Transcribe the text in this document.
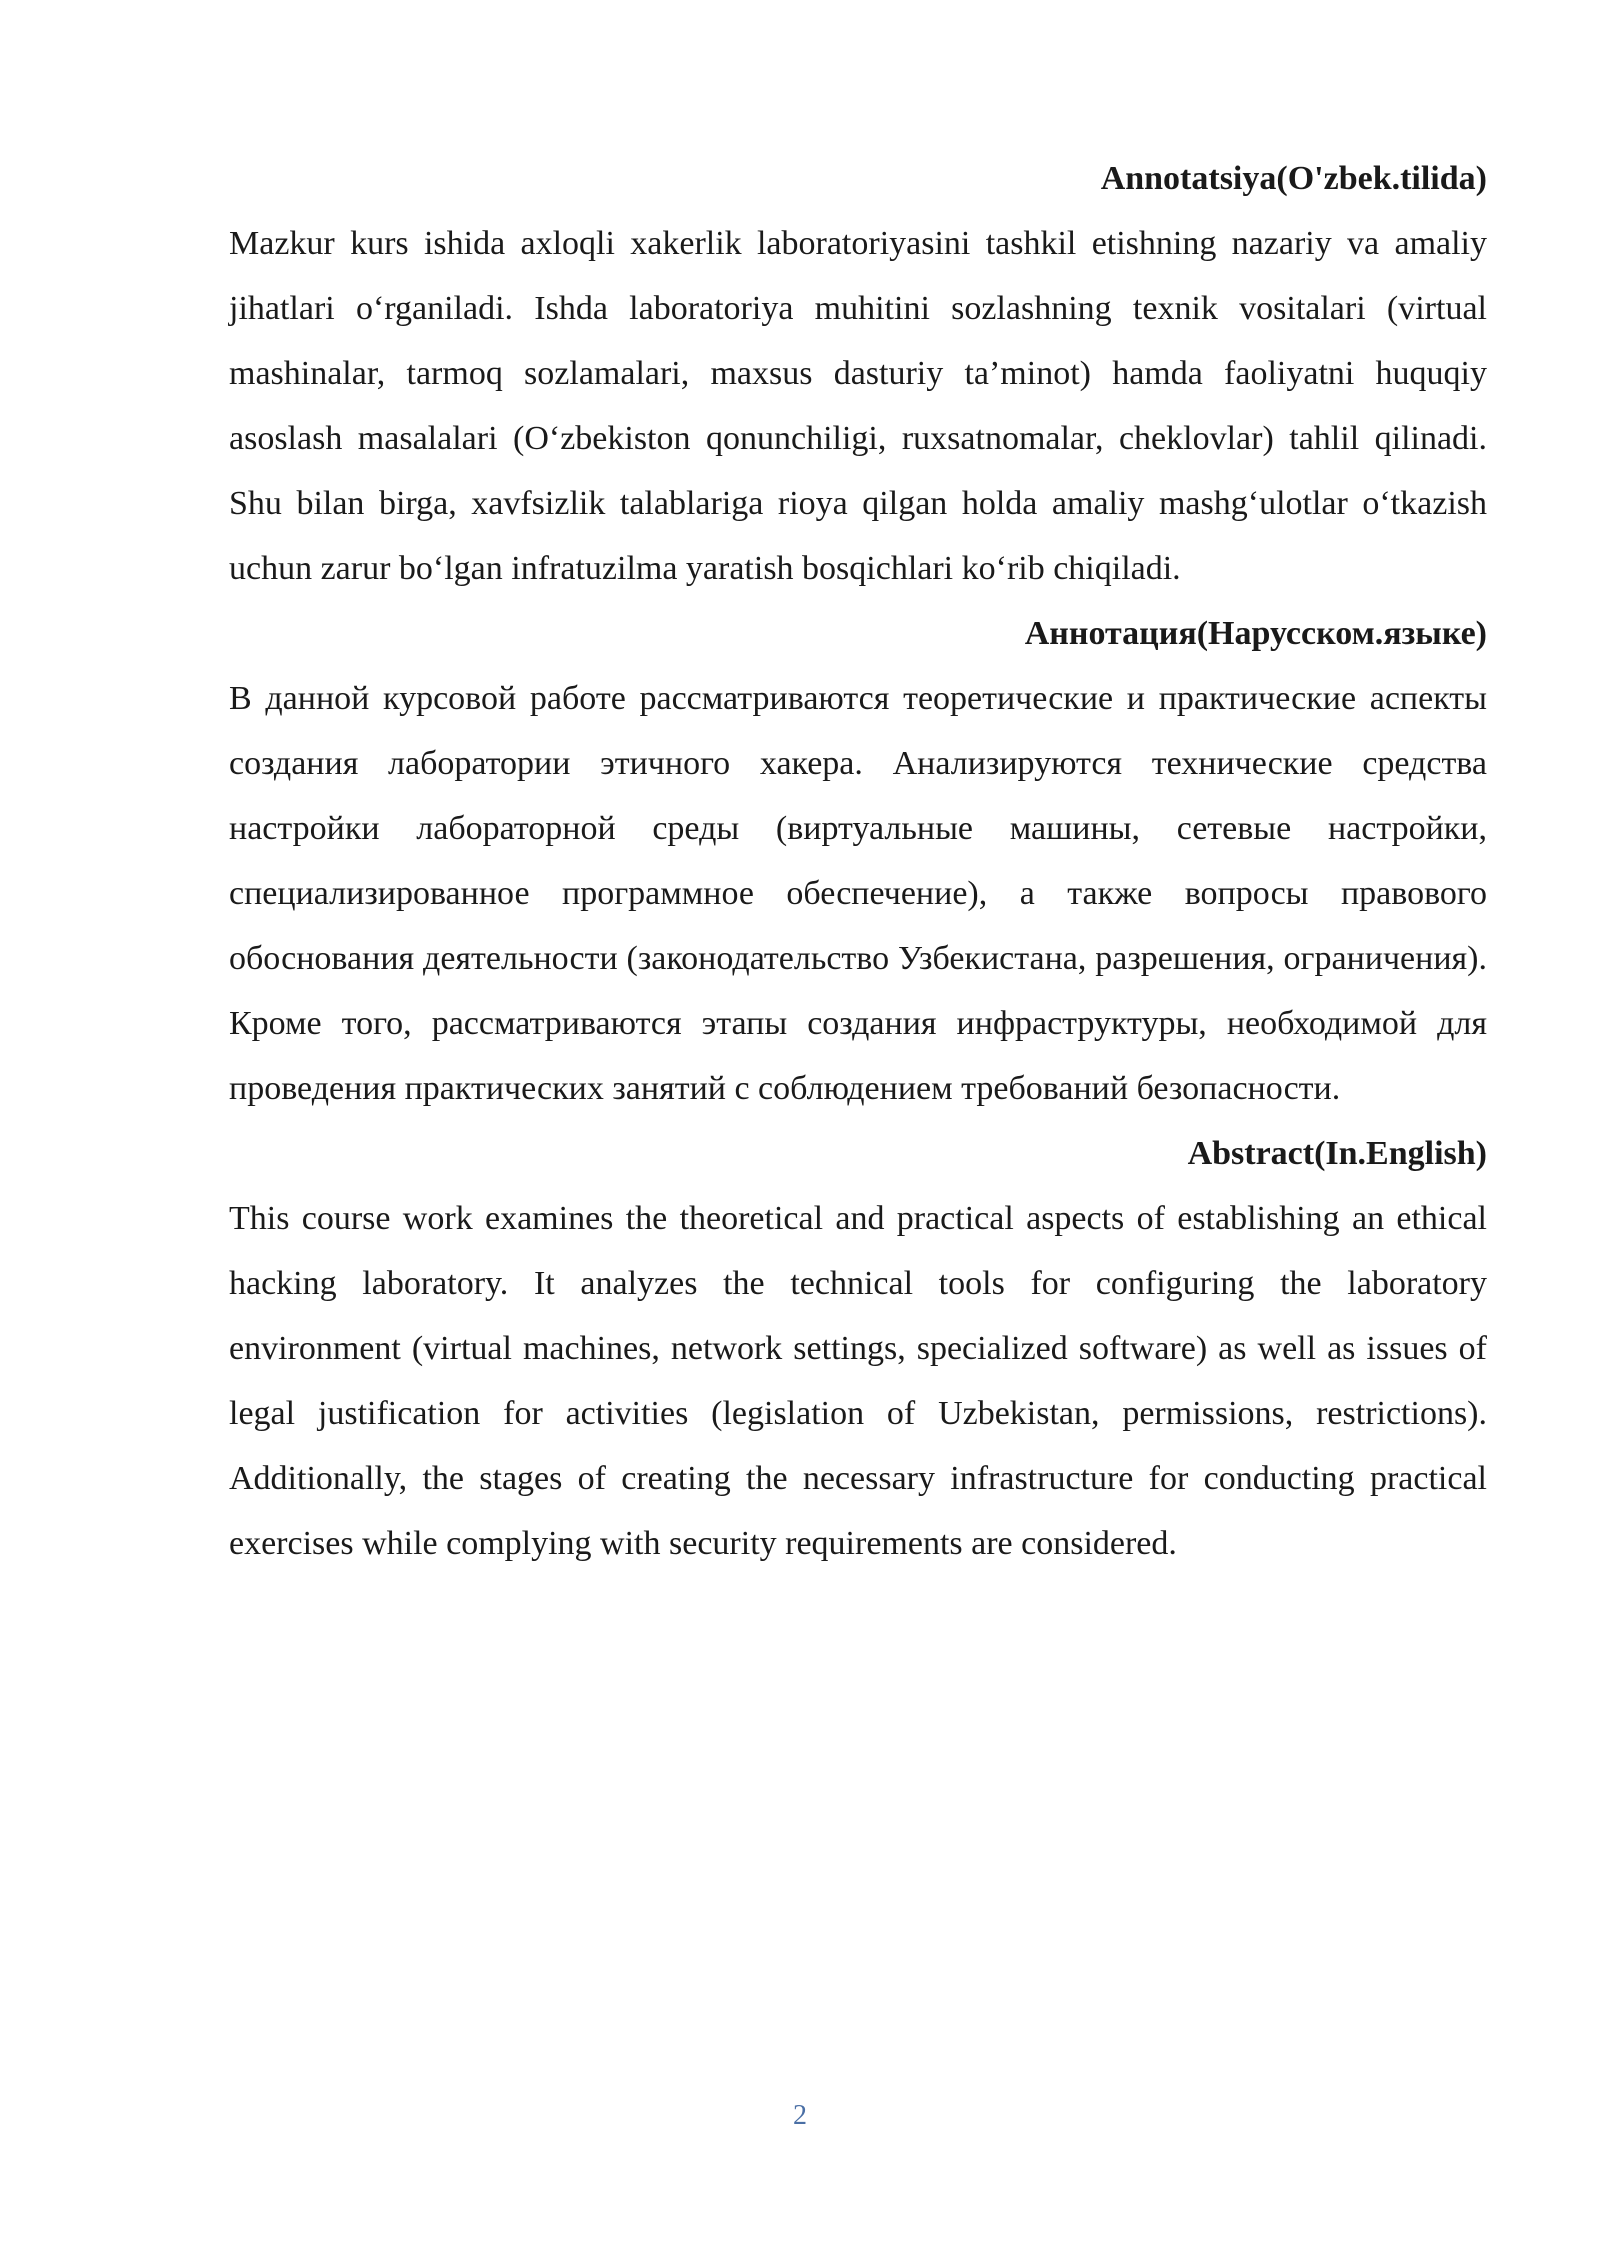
Annotatsiya(O'zbek.tilida)

Mazkur kurs ishida axloqli xakerlik laboratoriyasini tashkil etishning nazariy va amaliy jihatlari o‘rganiladi. Ishda laboratoriya muhitini sozlashning texnik vositalari (virtual mashinalar, tarmoq sozlamalari, maxsus dasturiy ta’minot) hamda faoliyatni huquqiy asoslash masalalari (O‘zbekiston qonunchiligi, ruxsatnomalar, cheklovlar) tahlil qilinadi. Shu bilan birga, xavfsizlik talablariga rioya qilgan holda amaliy mashg‘ulotlar o‘tkazish uchun zarur bo‘lgan infratuzilma yaratish bosqichlari ko‘rib chiqiladi.

Аннотация(Нарусском.языке)

В данной курсовой работе рассматриваются теоретические и практические аспекты создания лаборатории этичного хакера. Анализируются технические средства настройки лабораторной среды (виртуальные машины, сетевые настройки, специализированное программное обеспечение), а также вопросы правового обоснования деятельности (законодательство Узбекистана, разрешения, ограничения). Кроме того, рассматриваются этапы создания инфраструктуры, необходимой для проведения практических занятий с соблюдением требований безопасности.

Abstract(In.English)

This course work examines the theoretical and practical aspects of establishing an ethical hacking laboratory. It analyzes the technical tools for configuring the laboratory environment (virtual machines, network settings, specialized software) as well as issues of legal justification for activities (legislation of Uzbekistan, permissions, restrictions). Additionally, the stages of creating the necessary infrastructure for conducting practical exercises while complying with security requirements are considered.

2
